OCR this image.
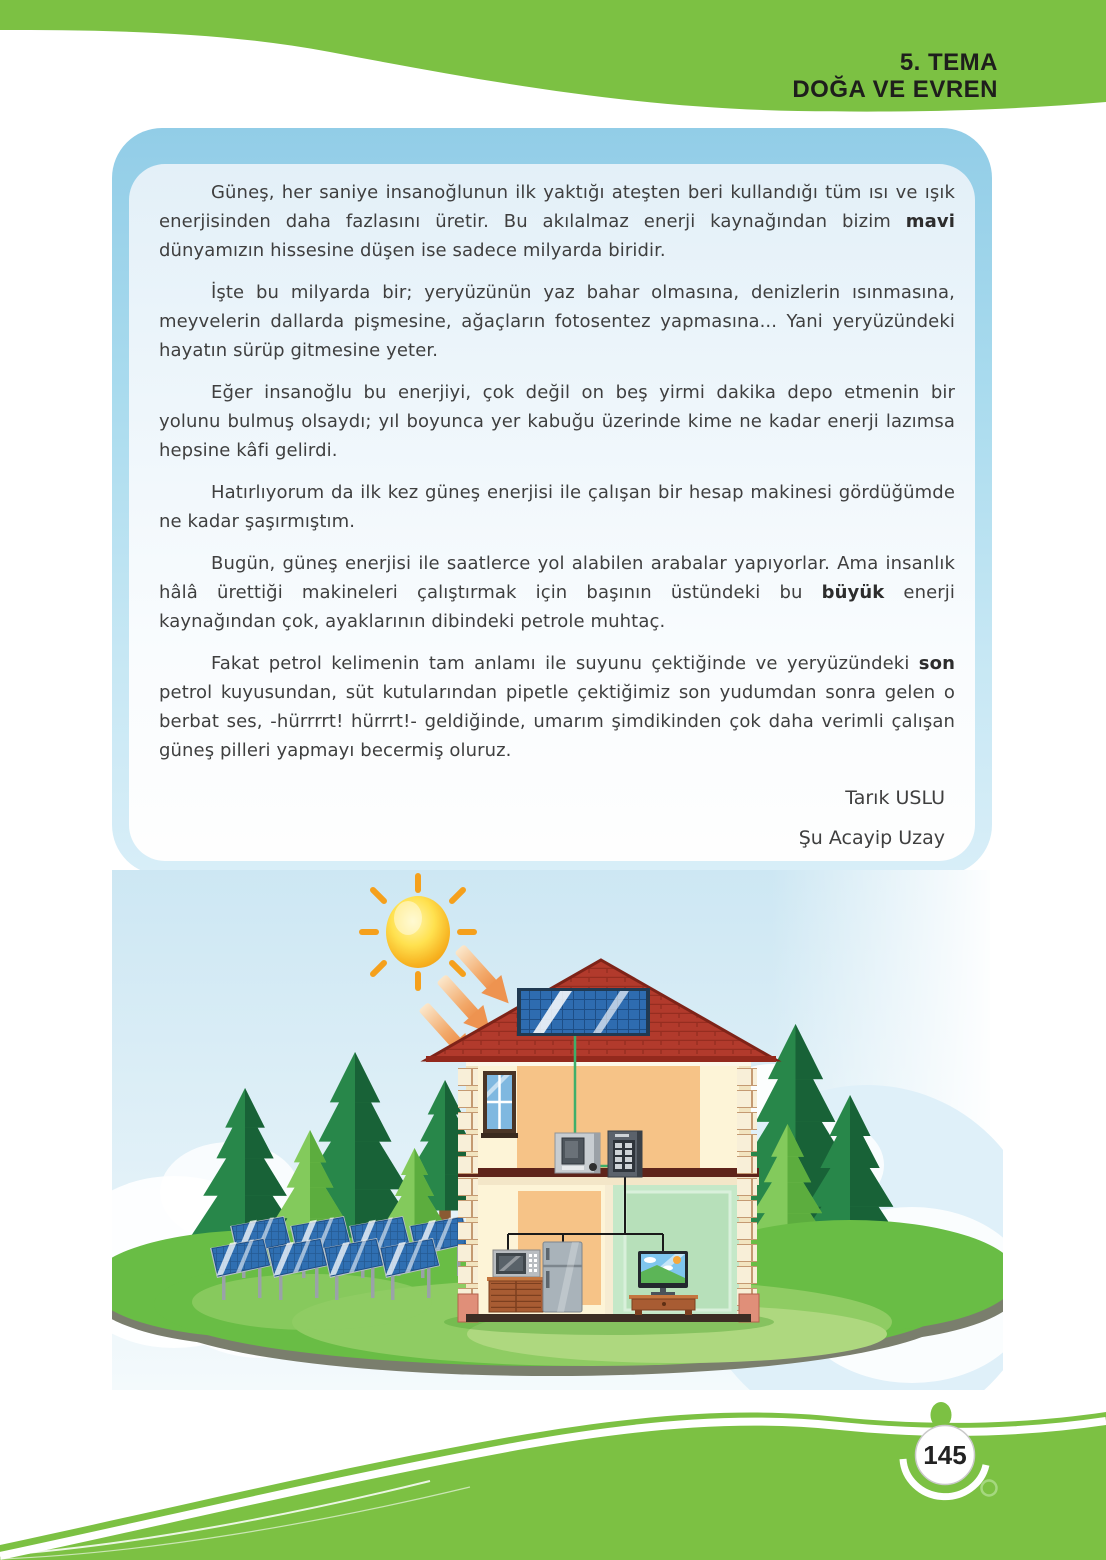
5. TEMA
DOĞA VE EVREN

Güneş, her saniye insanoğlunun ilk yaktığı ateşten beri kullandığı tüm ısı ve ışık enerjisinden daha fazlasını üretir. Bu akılalmaz enerji kaynağından bizim mavi dünyamızın hissesine düşen ise sadece milyarda biridir.

İşte bu milyarda bir; yeryüzünün yaz bahar olmasına, denizlerin ısınmasına, meyvelerin dallarda pişmesine, ağaçların fotosentez yapmasına... Yani yeryüzündeki hayatın sürüp gitmesine yeter.

Eğer insanoğlu bu enerjiyi, çok değil on beş yirmi dakika depo etmenin bir yolunu bulmuş olsaydı; yıl boyunca yer kabuğu üzerinde kime ne kadar enerji lazımsa hepsine kâfi gelirdi.

Hatırlıyorum da ilk kez güneş enerjisi ile çalışan bir hesap makinesi gördüğümde ne kadar şaşırmıştım.

Bugün, güneş enerjisi ile saatlerce yol alabilen arabalar yapıyorlar. Ama insanlık hâlâ ürettiği makineleri çalıştırmak için başının üstündeki bu büyük enerji kaynağından çok, ayaklarının dibindeki petrole muhtaç.

Fakat petrol kelimenin tam anlamı ile suyunu çektiğinde ve yeryüzündeki son petrol kuyusundan, süt kutularından pipetle çektiğimiz son yudumdan sonra gelen o berbat ses, -hürrrrt! hürrrt!- geldiğinde, umarım şimdikinden çok daha verimli çalışan güneş pilleri yapmayı becermiş oluruz.

Tarık USLU
Şu Acayip Uzay
145
